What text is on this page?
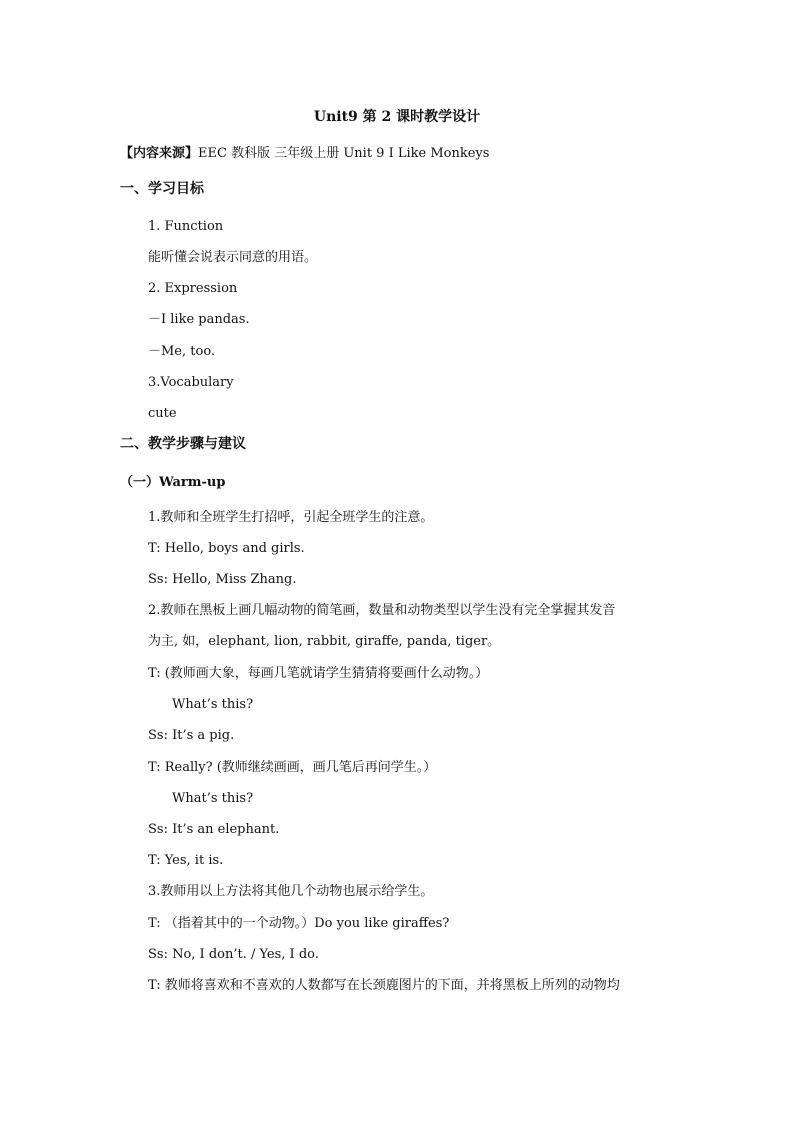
Unit9 第 2 课时教学设计
【内容来源】EEC 教科版 三年级上册 Unit 9 I Like Monkeys
一、学习目标
1. Function
能听懂会说表示同意的用语。
2. Expression
－I like pandas.
－Me, too.
3.Vocabulary
cute
二、教学步骤与建议
（一）Warm-up
1.教师和全班学生打招呼，引起全班学生的注意。
T: Hello, boys and girls.
Ss: Hello, Miss Zhang.
2.教师在黑板上画几幅动物的简笔画，数量和动物类型以学生没有完全掌握其发音
为主, 如，elephant, lion, rabbit, giraffe, panda, tiger。
T: (教师画大象，每画几笔就请学生猜猜将要画什么动物。）
What’s this?
Ss: It’s a pig.
T: Really? (教师继续画画，画几笔后再问学生。）
What’s this?
Ss: It’s an elephant.
T: Yes, it is.
3.教师用以上方法将其他几个动物也展示给学生。
T: （指着其中的一个动物。）Do you like giraffes?
Ss: No, I don’t. / Yes, I do.
T: 教师将喜欢和不喜欢的人数都写在长颈鹿图片的下面，并将黑板上所列的动物均
